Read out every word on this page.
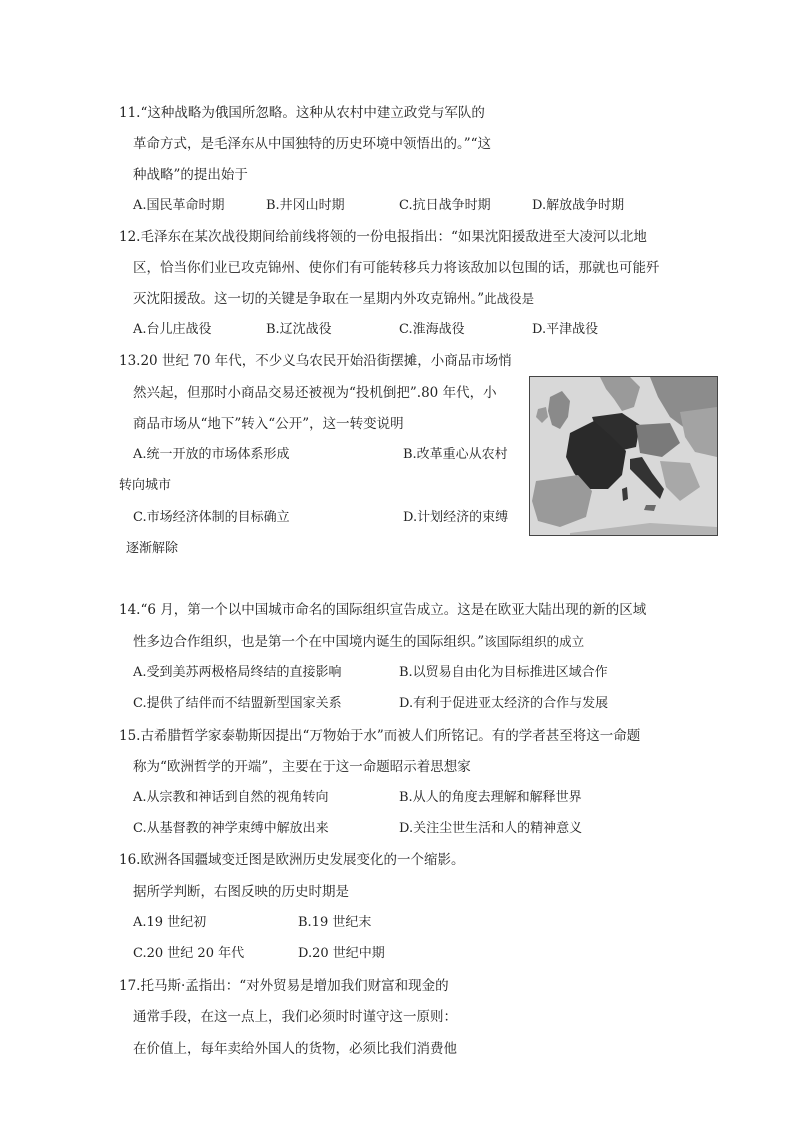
11.“这种战略为俄国所忽略。这种从农村中建立政党与军队的
革命方式，是毛泽东从中国独特的历史环境中领悟出的。”“这
种战略”的提出始于
A.国民革命时期	B.井冈山时期	C.抗日战争时期	D.解放战争时期
12.毛泽东在某次战役期间给前线将领的一份电报指出：“如果沈阳援敌进至大凌河以北地
区，恰当你们业已攻克锦州、使你们有可能转移兵力将该敌加以包围的话，那就也可能歼
灭沈阳援敌。这一切的关键是争取在一星期内外攻克锦州。”此战役是
A.台儿庄战役	B.辽沈战役	C.淮海战役	D.平津战役
13.20 世纪 70 年代，不少义乌农民开始沿街摆摊，小商品市场悄
然兴起，但那时小商品交易还被视为“投机倒把”.80 年代，小
商品市场从“地下”转入“公开”，这一转变说明
A.统一开放的市场体系形成	B.改革重心从农村
转向城市
C.市场经济体制的目标确立	D.计划经济的束缚
逐渐解除
14.“6 月，第一个以中国城市命名的国际组织宣告成立。这是在欧亚大陆出现的新的区域
性多边合作组织，也是第一个在中国境内诞生的国际组织。”该国际组织的成立
A.受到美苏两极格局终结的直接影响	B.以贸易自由化为目标推进区域合作
C.提供了结伴而不结盟新型国家关系	D.有利于促进亚太经济的合作与发展
15.古希腊哲学家泰勒斯因提出“万物始于水”而被人们所铭记。有的学者甚至将这一命题
称为“欧洲哲学的开端”，主要在于这一命题昭示着思想家
A.从宗教和神话到自然的视角转向	B.从人的角度去理解和解释世界
C.从基督教的神学束缚中解放出来	D.关注尘世生活和人的精神意义
16.欧洲各国疆域变迁图是欧洲历史发展变化的一个缩影。
据所学判断，右图反映的历史时期是
A.19 世纪初	B.19 世纪末
C.20 世纪 20 年代	D.20 世纪中期
17.托马斯·孟指出：“对外贸易是增加我们财富和现金的
通常手段，在这一点上，我们必须时时谨守这一原则：
在价值上，每年卖给外国人的货物，必须比我们消费他
